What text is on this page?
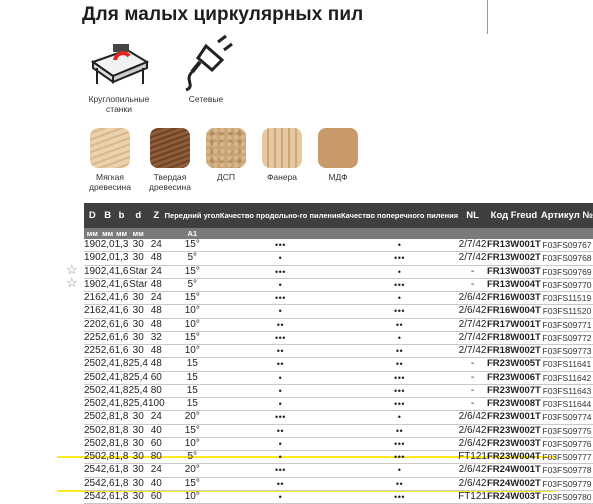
Для малых циркулярных пил
Круглопильные станки
Сетевые
Мягкая древесина
Твердая древесина
ДСП	Фанера	МДФ
☆
☆
D	B	b	d	Z	Передний угол	Качество продольно-го пиления	Качество поперечного пиления	NL	Код Freud	Артикул №
мм	мм	мм	мм		A1					
190	2,0	1,3	30	24	15°	•••	•	2/7/42	FR13W001T	F03FS09767
190	2,0	1,3	30	48	5°	•	•••	2/7/42	FR13W002T	F03FS09768
190	2,4	1,6	Star	24	15°	•••	•	-	FR13W003T	F03FS09769
190	2,4	1,6	Star	48	5°	•	•••	-	FR13W004T	F03FS09770
216	2,4	1,6	30	24	15°	•••	•	2/6/42	FR16W003T	F03FS11519
216	2,4	1,6	30	48	10°	•	•••	2/6/42	FR16W004T	F03FS11520
220	2,6	1,6	30	48	10°	••	••	2/7/42	FR17W001T	F03FS09771
225	2,6	1,6	30	32	15°	•••	•	2/7/42	FR18W001T	F03FS09772
225	2,6	1,6	30	48	10°	••	••	2/7/42	FR18W002T	F03FS09773
250	2,4	1,8	25,4	48	15	••	••	-	FR23W005T	F03FS11641
250	2,4	1,8	25,4	60	15	•	•••	-	FR23W006T	F03FS11642
250	2,4	1,8	25,4	80	15	•	•••	-	FR23W007T	F03FS11643
250	2,4	1,8	25,4	100	15	•	•••	-	FR23W008T	F03FS11644
250	2,8	1,8	30	24	20°	•••	•	2/6/42	FR23W001T	F03FS09774
250	2,8	1,8	30	40	15°	••	••	2/6/42	FR23W002T	F03FS09775
250	2,8	1,8	30	60	10°	•	•••	2/6/42	FR23W003T	F03FS09776
250	2,8	1,8	30	80	5°	•	•••	FT121	FR23W004T	F03FS09777
254	2,6	1,8	30	24	20°	•••	•	2/6/42	FR24W001T	F03FS09778
254	2,6	1,8	30	40	15°	••	••	2/6/42	FR24W002T	F03FS09779
254	2,6	1,8	30	60	10°	•	•••	FT121	FR24W003T	F03FS09780
